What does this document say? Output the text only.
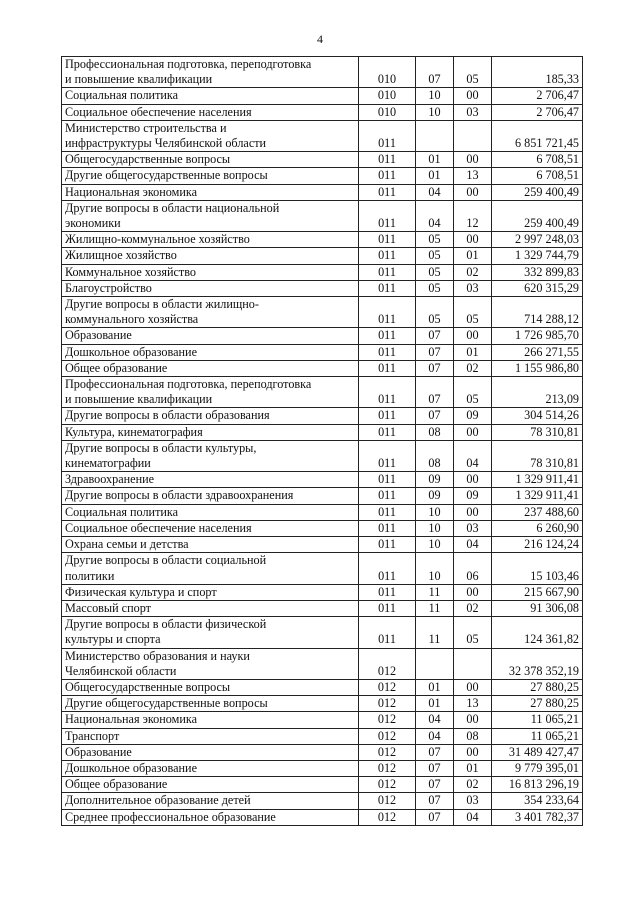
4
Профессиональная подготовка, переподготовка
и повышение квалификации	010	07	05	185,33

Социальная политика	010	10	00	2 706,47

Социальное обеспечение населения	010	10	03	2 706,47

Министерство строительства и
инфраструктуры Челябинской области	011			6 851 721,45

Общегосударственные вопросы	011	01	00	6 708,51

Другие общегосударственные вопросы	011	01	13	6 708,51

Национальная экономика	011	04	00	259 400,49

Другие вопросы в области национальной
экономики	011	04	12	259 400,49

Жилищно-коммунальное хозяйство	011	05	00	2 997 248,03

Жилищное хозяйство	011	05	01	1 329 744,79

Коммунальное хозяйство	011	05	02	332 899,83

Благоустройство	011	05	03	620 315,29

Другие вопросы в области жилищно-
коммунального хозяйства	011	05	05	714 288,12

Образование	011	07	00	1 726 985,70

Дошкольное образование	011	07	01	266 271,55

Общее образование	011	07	02	1 155 986,80

Профессиональная подготовка, переподготовка
и повышение квалификации	011	07	05	213,09

Другие вопросы в области образования	011	07	09	304 514,26

Культура, кинематография	011	08	00	78 310,81

Другие вопросы в области культуры,
кинематографии	011	08	04	78 310,81

Здравоохранение	011	09	00	1 329 911,41

Другие вопросы в области здравоохранения	011	09	09	1 329 911,41

Социальная политика	011	10	00	237 488,60

Социальное обеспечение населения	011	10	03	6 260,90

Охрана семьи и детства	011	10	04	216 124,24

Другие вопросы в области социальной
политики	011	10	06	15 103,46

Физическая культура и спорт	011	11	00	215 667,90

Массовый спорт	011	11	02	91 306,08

Другие вопросы в области физической
культуры и спорта	011	11	05	124 361,82

Министерство образования и науки
Челябинской области	012			32 378 352,19

Общегосударственные вопросы	012	01	00	27 880,25

Другие общегосударственные вопросы	012	01	13	27 880,25

Национальная экономика	012	04	00	11 065,21

Транспорт	012	04	08	11 065,21

Образование	012	07	00	31 489 427,47

Дошкольное образование	012	07	01	9 779 395,01

Общее образование	012	07	02	16 813 296,19

Дополнительное образование детей	012	07	03	354 233,64

Среднее профессиональное образование	012	07	04	3 401 782,37
